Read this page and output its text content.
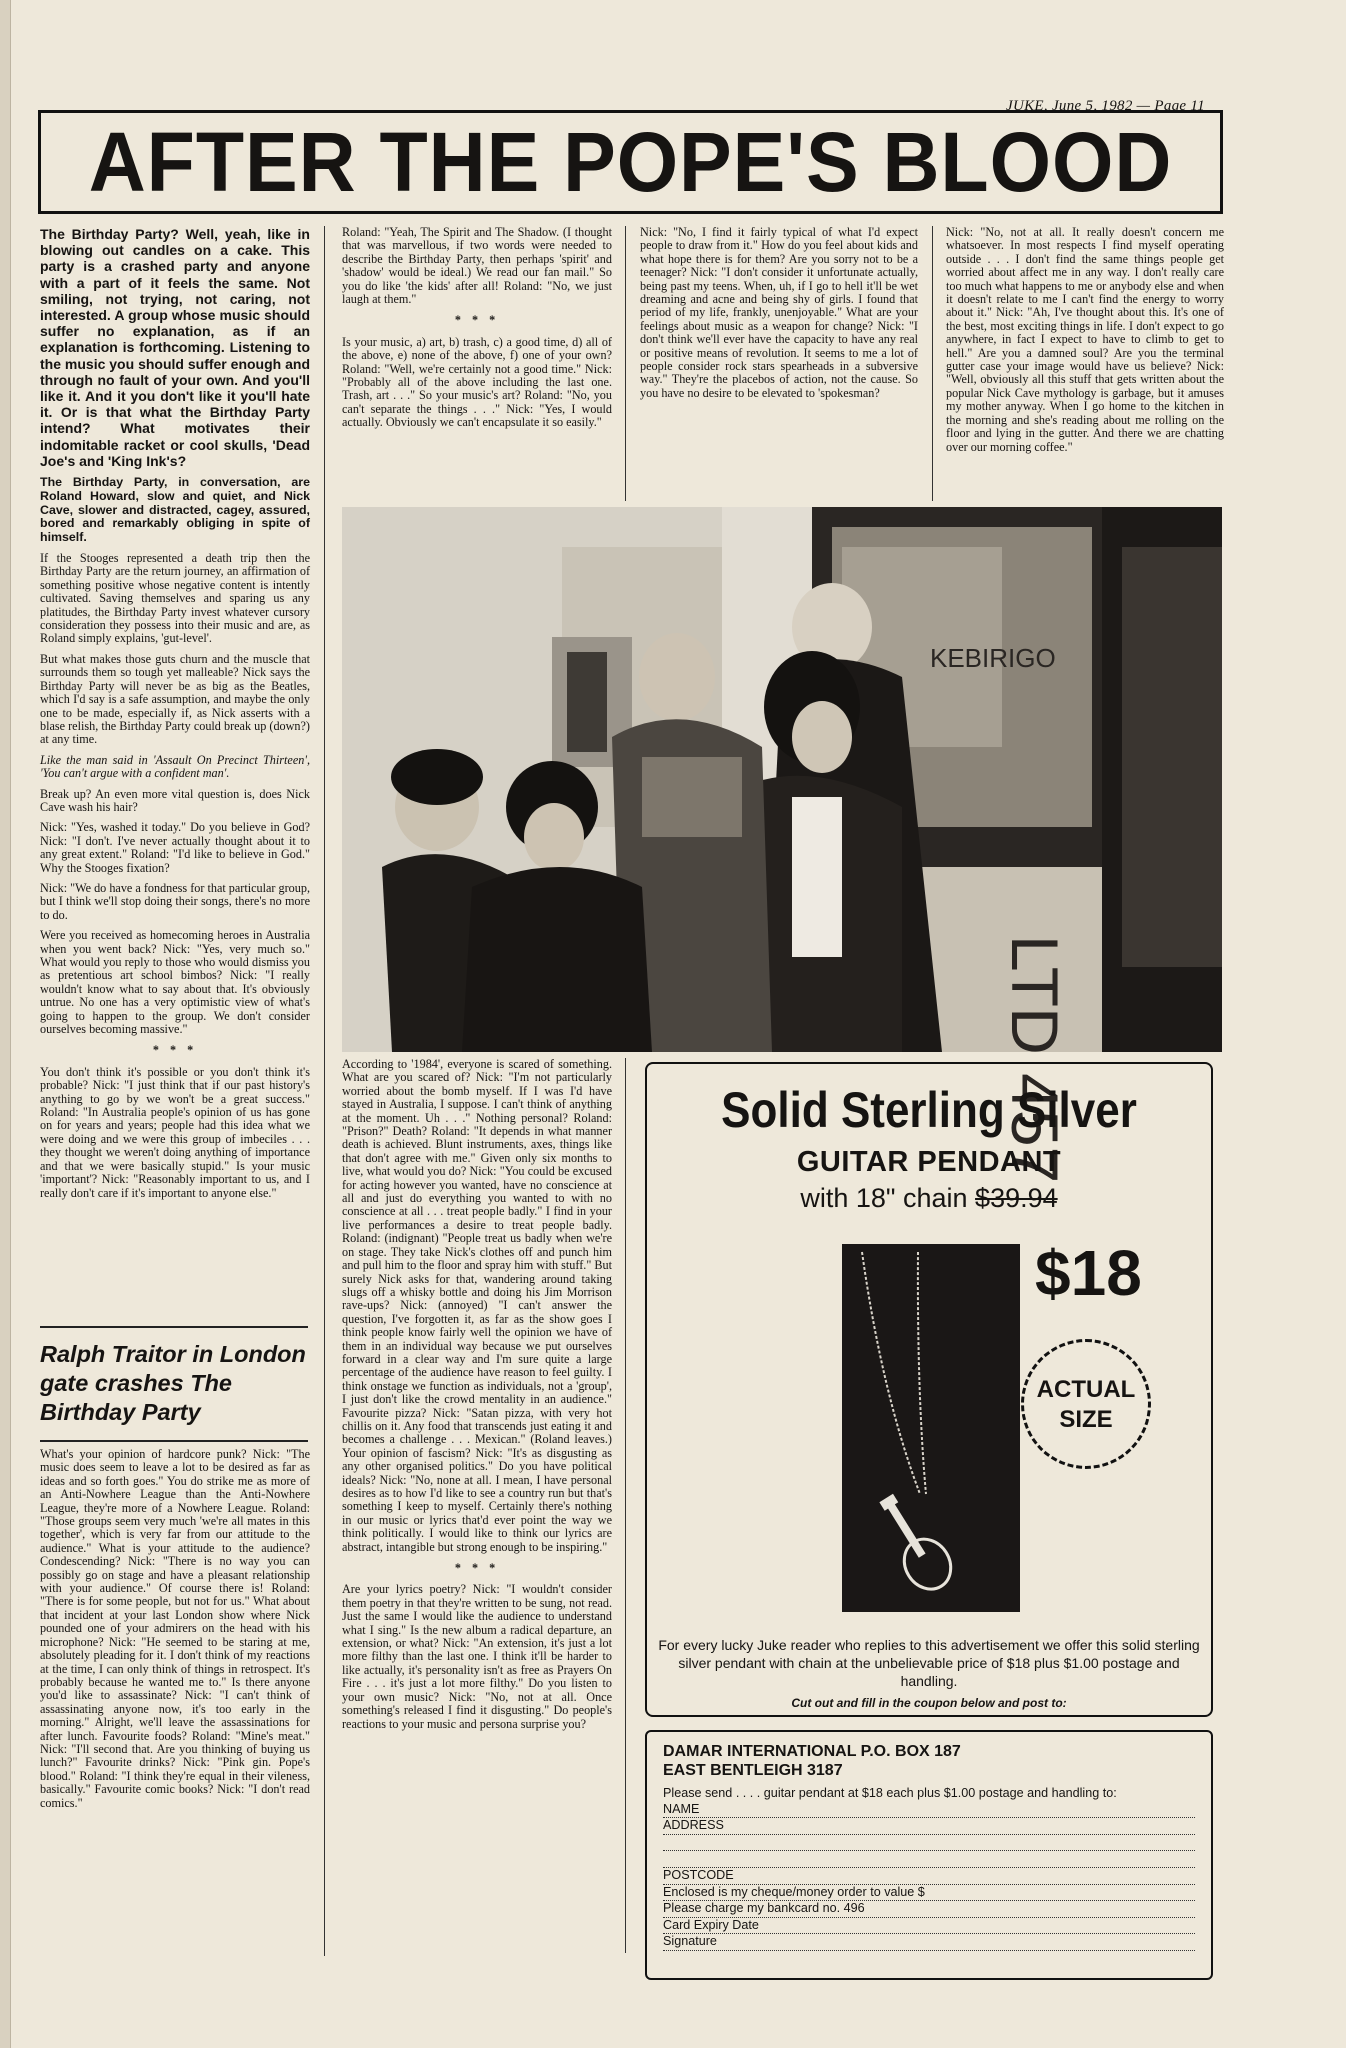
JUKE, June 5, 1982 — Page 11
AFTER THE POPE'S BLOOD

The Birthday Party? Well, yeah, like in blowing out candles on a cake. This party is a crashed party and anyone with a part of it feels the same. Not smiling, not trying, not caring, not interested. A group whose music should suffer no explanation, as if an explanation is forthcoming. Listening to the music you should suffer enough and through no fault of your own. And you'll like it. And it you don't like it you'll hate it. Or is that what the Birthday Party intend? What motivates their indomitable racket or cool skulls, 'Dead Joe's and 'King Ink's?

The Birthday Party, in conversation, are Roland Howard, slow and quiet, and Nick Cave, slower and distracted, cagey, assured, bored and remarkably obliging in spite of himself.

If the Stooges represented a death trip then the Birthday Party are the return journey, an affirmation of something positive whose negative content is intently cultivated. Saving themselves and sparing us any platitudes, the Birthday Party invest whatever cursory consideration they possess into their music and are, as Roland simply explains, 'gut-level'.

But what makes those guts churn and the muscle that surrounds them so tough yet malleable? Nick says the Birthday Party will never be as big as the Beatles, which I'd say is a safe assumption, and maybe the only one to be made, especially if, as Nick asserts with a blase relish, the Birthday Party could break up (down?) at any time.

Like the man said in 'Assault On Precinct Thirteen', 'You can't argue with a confident man'.

Break up? An even more vital question is, does Nick Cave wash his hair?

Nick: "Yes, washed it today." Do you believe in God? Nick: "I don't. I've never actually thought about it to any great extent." Roland: "I'd like to believe in God." Why the Stooges fixation?

Nick: "We do have a fondness for that particular group, but I think we'll stop doing their songs, there's no more to do.

Were you received as homecoming heroes in Australia when you went back? Nick: "Yes, very much so." What would you reply to those who would dismiss you as pretentious art school bimbos? Nick: "I really wouldn't know what to say about that. It's obviously untrue. No one has a very optimistic view of what's going to happen to the group. We don't consider ourselves becoming massive."

* * *

You don't think it's possible or you don't think it's probable? Nick: "I just think that if our past history's anything to go by we won't be a great success." Roland: "In Australia people's opinion of us has gone on for years and years; people had this idea what we were doing and we were this group of imbeciles . . . they thought we weren't doing anything of importance and that we were basically stupid." Is your music 'important'? Nick: "Reasonably important to us, and I really don't care if it's important to anyone else."

Ralph Traitor in London gate crashes The Birthday Party

What's your opinion of hardcore punk? Nick: "The music does seem to leave a lot to be desired as far as ideas and so forth goes." You do strike me as more of an Anti-Nowhere League than the Anti-Nowhere League, they're more of a Nowhere League. Roland: "Those groups seem very much 'we're all mates in this together', which is very far from our attitude to the audience." What is your attitude to the audience? Condescending? Nick: "There is no way you can possibly go on stage and have a pleasant relationship with your audience." Of course there is! Roland: "There is for some people, but not for us." What about that incident at your last London show where Nick pounded one of your admirers on the head with his microphone? Nick: "He seemed to be staring at me, absolutely pleading for it. I don't think of my reactions at the time, I can only think of things in retrospect. It's probably because he wanted me to." Is there anyone you'd like to assassinate? Nick: "I can't think of assassinating anyone now, it's too early in the morning." Alright, we'll leave the assassinations for after lunch. Favourite foods? Roland: "Mine's meat." Nick: "I'll second that. Are you thinking of buying us lunch?" Favourite drinks? Nick: "Pink gin. Pope's blood." Roland: "I think they're equal in their vileness, basically." Favourite comic books? Nick: "I don't read comics."

Roland: "Yeah, The Spirit and The Shadow. (I thought that was marvellous, if two words were needed to describe the Birthday Party, then perhaps 'spirit' and 'shadow' would be ideal.) We read our fan mail." So you do like 'the kids' after all! Roland: "No, we just laugh at them."

* * *

Is your music, a) art, b) trash, c) a good time, d) all of the above, e) none of the above, f) one of your own? Roland: "Well, we're certainly not a good time." Nick: "Probably all of the above including the last one. Trash, art . . ." So your music's art? Roland: "No, you can't separate the things . . ." Nick: "Yes, I would actually. Obviously we can't encapsulate it so easily."

Nick: "No, I find it fairly typical of what I'd expect people to draw from it." How do you feel about kids and what hope there is for them? Are you sorry not to be a teenager? Nick: "I don't consider it unfortunate actually, being past my teens. When, uh, if I go to hell it'll be wet dreaming and acne and being shy of girls. I found that period of my life, frankly, unenjoyable." What are your feelings about music as a weapon for change? Nick: "I don't think we'll ever have the capacity to have any real or positive means of revolution. It seems to me a lot of people consider rock stars spearheads in a subversive way." They're the placebos of action, not the cause. So you have no desire to be elevated to 'spokesman?

Nick: "No, not at all. It really doesn't concern me whatsoever. In most respects I find myself operating outside . . . I don't find the same things people get worried about affect me in any way. I don't really care too much what happens to me or anybody else and when it doesn't relate to me I can't find the energy to worry about it." Nick: "Ah, I've thought about this. It's one of the best, most exciting things in life. I don't expect to go anywhere, in fact I expect to have to climb to get to hell." Are you a damned soul? Are you the terminal gutter case your image would have us believe? Nick: "Well, obviously all this stuff that gets written about the popular Nick Cave mythology is garbage, but it amuses my mother anyway. When I go home to the kitchen in the morning and she's reading about me rolling on the floor and lying in the gutter. And there we are chatting over our morning coffee."

KEBIRIGO
LTD 457

According to '1984', everyone is scared of something. What are you scared of? Nick: "I'm not particularly worried about the bomb myself. If I was I'd have stayed in Australia, I suppose. I can't think of anything at the moment. Uh . . ." Nothing personal? Roland: "Prison?" Death? Roland: "It depends in what manner death is achieved. Blunt instruments, axes, things like that don't agree with me." Given only six months to live, what would you do? Nick: "You could be excused for acting however you wanted, have no conscience at all and just do everything you wanted to with no conscience at all . . . treat people badly." I find in your live performances a desire to treat people badly. Roland: (indignant) "People treat us badly when we're on stage. They take Nick's clothes off and punch him and pull him to the floor and spray him with stuff." But surely Nick asks for that, wandering around taking slugs off a whisky bottle and doing his Jim Morrison rave-ups? Nick: (annoyed) "I can't answer the question, I've forgotten it, as far as the show goes I think people know fairly well the opinion we have of them in an individual way because we put ourselves forward in a clear way and I'm sure quite a large percentage of the audience have reason to feel guilty. I think onstage we function as individuals, not a 'group', I just don't like the crowd mentality in an audience." Favourite pizza? Nick: "Satan pizza, with very hot chillis on it. Any food that transcends just eating it and becomes a challenge . . . Mexican." (Roland leaves.) Your opinion of fascism? Nick: "It's as disgusting as any other organised politics." Do you have political ideals? Nick: "No, none at all. I mean, I have personal desires as to how I'd like to see a country run but that's something I keep to myself. Certainly there's nothing in our music or lyrics that'd ever point the way we think politically. I would like to think our lyrics are abstract, intangible but strong enough to be inspiring."

* * *

Are your lyrics poetry? Nick: "I wouldn't consider them poetry in that they're written to be sung, not read. Just the same I would like the audience to understand what I sing." Is the new album a radical departure, an extension, or what? Nick: "An extension, it's just a lot more filthy than the last one. I think it'll be harder to like actually, it's personality isn't as free as Prayers On Fire . . . it's just a lot more filthy." Do you listen to your own music? Nick: "No, not at all. Once something's released I find it disgusting." Do people's reactions to your music and persona surprise you?

Solid Sterling Silver
GUITAR PENDANT
with 18" chain $39.94
$18
ACTUAL
SIZE
For every lucky Juke reader who replies to this advertisement we offer this solid sterling silver pendant with chain at the unbelievable price of $18 plus $1.00 postage and handling.
Cut out and fill in the coupon below and post to:
DAMAR INTERNATIONAL P.O. BOX 187
EAST BENTLEIGH 3187
Please send . . . . guitar pendant at $18 each plus $1.00 postage and handling to:
NAME
ADDRESS

POSTCODE
Enclosed is my cheque/money order to value $
Please charge my bankcard no. 496
Card Expiry Date
Signature
